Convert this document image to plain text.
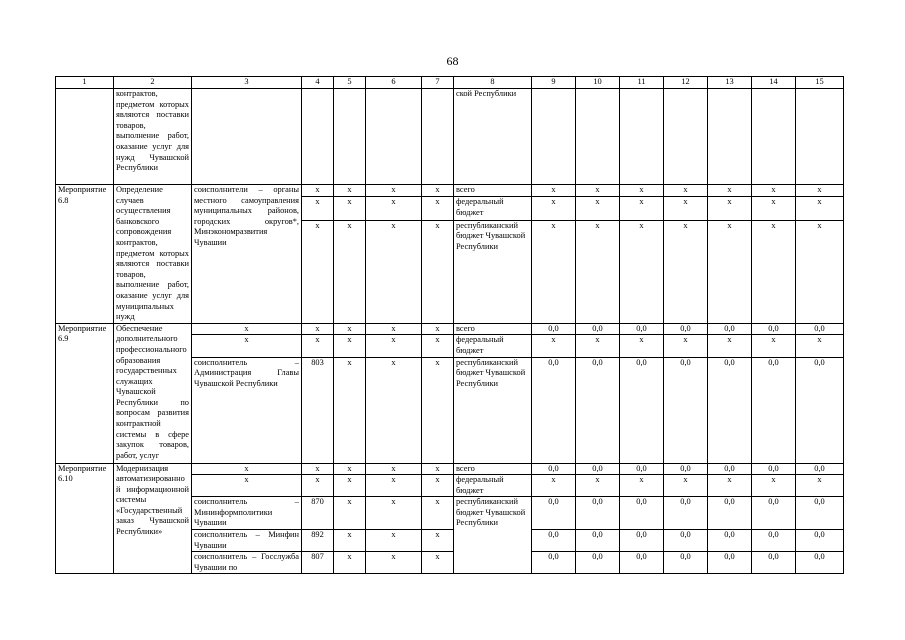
68
1	2	3	4	5	6	7	8	9	10	11	12	13	14	15
	контрактов, предметом которых являются поставки товаров, выполнение работ, оказание услуг для нужд Чувашской Республики						ской Республики							
Мероприятие 6.8	Определение случаев осуществления банковского сопровождения контрактов, предметом которых являются поставки товаров, выполнение работ, оказание услуг для муниципальных нужд	соисполнители – органы местного самоуправления муниципальных районов, городских округов*, Минэкономразвития Чувашии	x	x	x	x	всего	x	x	x	x	x	x	x
			x	x	x	x	федеральный бюджет	x	x	x	x	x	x	x
			x	x	x	x	республиканский бюджет Чувашской Республики	x	x	x	x	x	x	x
Мероприятие 6.9	Обеспечение дополнительного профессионального образования государственных служащих Чувашской Республики по вопросам развития контрактной системы в сфере закупок товаров, работ, услуг	x	x	x	x	x	всего	0,0	0,0	0,0	0,0	0,0	0,0	0,0
		x	x	x	x	x	федеральный бюджет	x	x	x	x	x	x	x
		соисполнитель – Администрация Главы Чувашской Республики	803	x	x	x	республиканский бюджет Чувашской Республики	0,0	0,0	0,0	0,0	0,0	0,0	0,0
Мероприятие 6.10	Модернизация автоматизированной информационной системы «Государственный заказ Чувашской Республики»	x	x	x	x	x	всего	0,0	0,0	0,0	0,0	0,0	0,0	0,0
		x	x	x	x	x	федеральный бюджет	x	x	x	x	x	x	x
		соисполнитель – Мининформполитики Чувашии	870	x	x	x	республиканский бюджет Чувашской Республики	0,0	0,0	0,0	0,0	0,0	0,0	0,0
		соисполнитель – Минфин Чувашии	892	x	x	x		0,0	0,0	0,0	0,0	0,0	0,0	0,0
		соисполнитель – Госслужба Чувашии по	807	x	x	x		0,0	0,0	0,0	0,0	0,0	0,0	0,0
